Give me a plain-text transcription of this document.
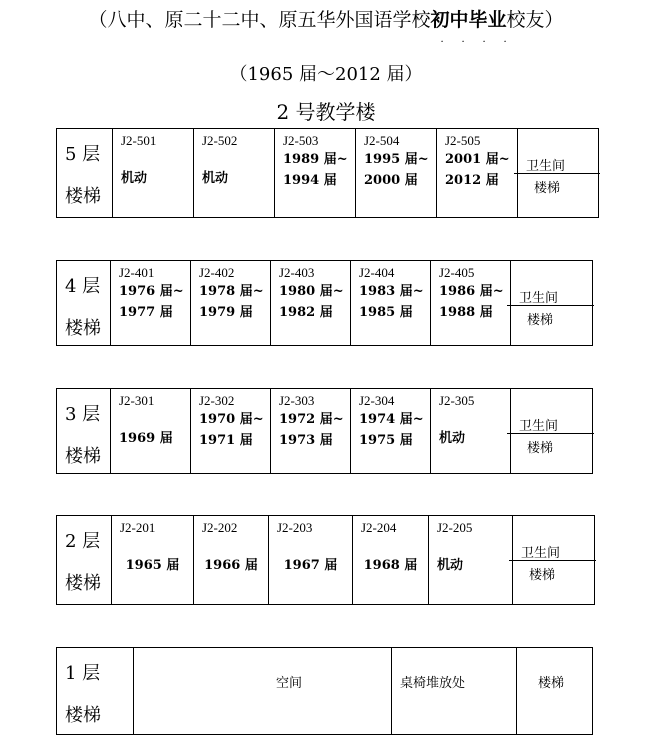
（八中、原二十二中、原五华外国语学校初中毕业
· · · ·
校友）
（1965 届～2012 届）
2 号教学楼
5 层
楼梯
J2-501
机动
J2-502
机动
J2-503
1989 届~
1994 届
J2-504
1995 届~
2000 届
J2-505
2001 届~
2012 届
卫生间
楼梯
4 层
楼梯
J2-401
1976 届~
1977 届
J2-402
1978 届~
1979 届
J2-403
1980 届~
1982 届
J2-404
1983 届~
1985 届
J2-405
1986 届~
1988 届
卫生间
楼梯
3 层
楼梯
J2-301
1969 届
J2-302
1970 届~
1971 届
J2-303
1972 届~
1973 届
J2-304
1974 届~
1975 届
J2-305
机动
卫生间
楼梯
2 层
楼梯
J2-201
1965 届
J2-202
1966 届
J2-203
1967 届
J2-204
1968 届
J2-205
机动
卫生间
楼梯
1 层
楼梯
空间	桌椅堆放处	楼梯
